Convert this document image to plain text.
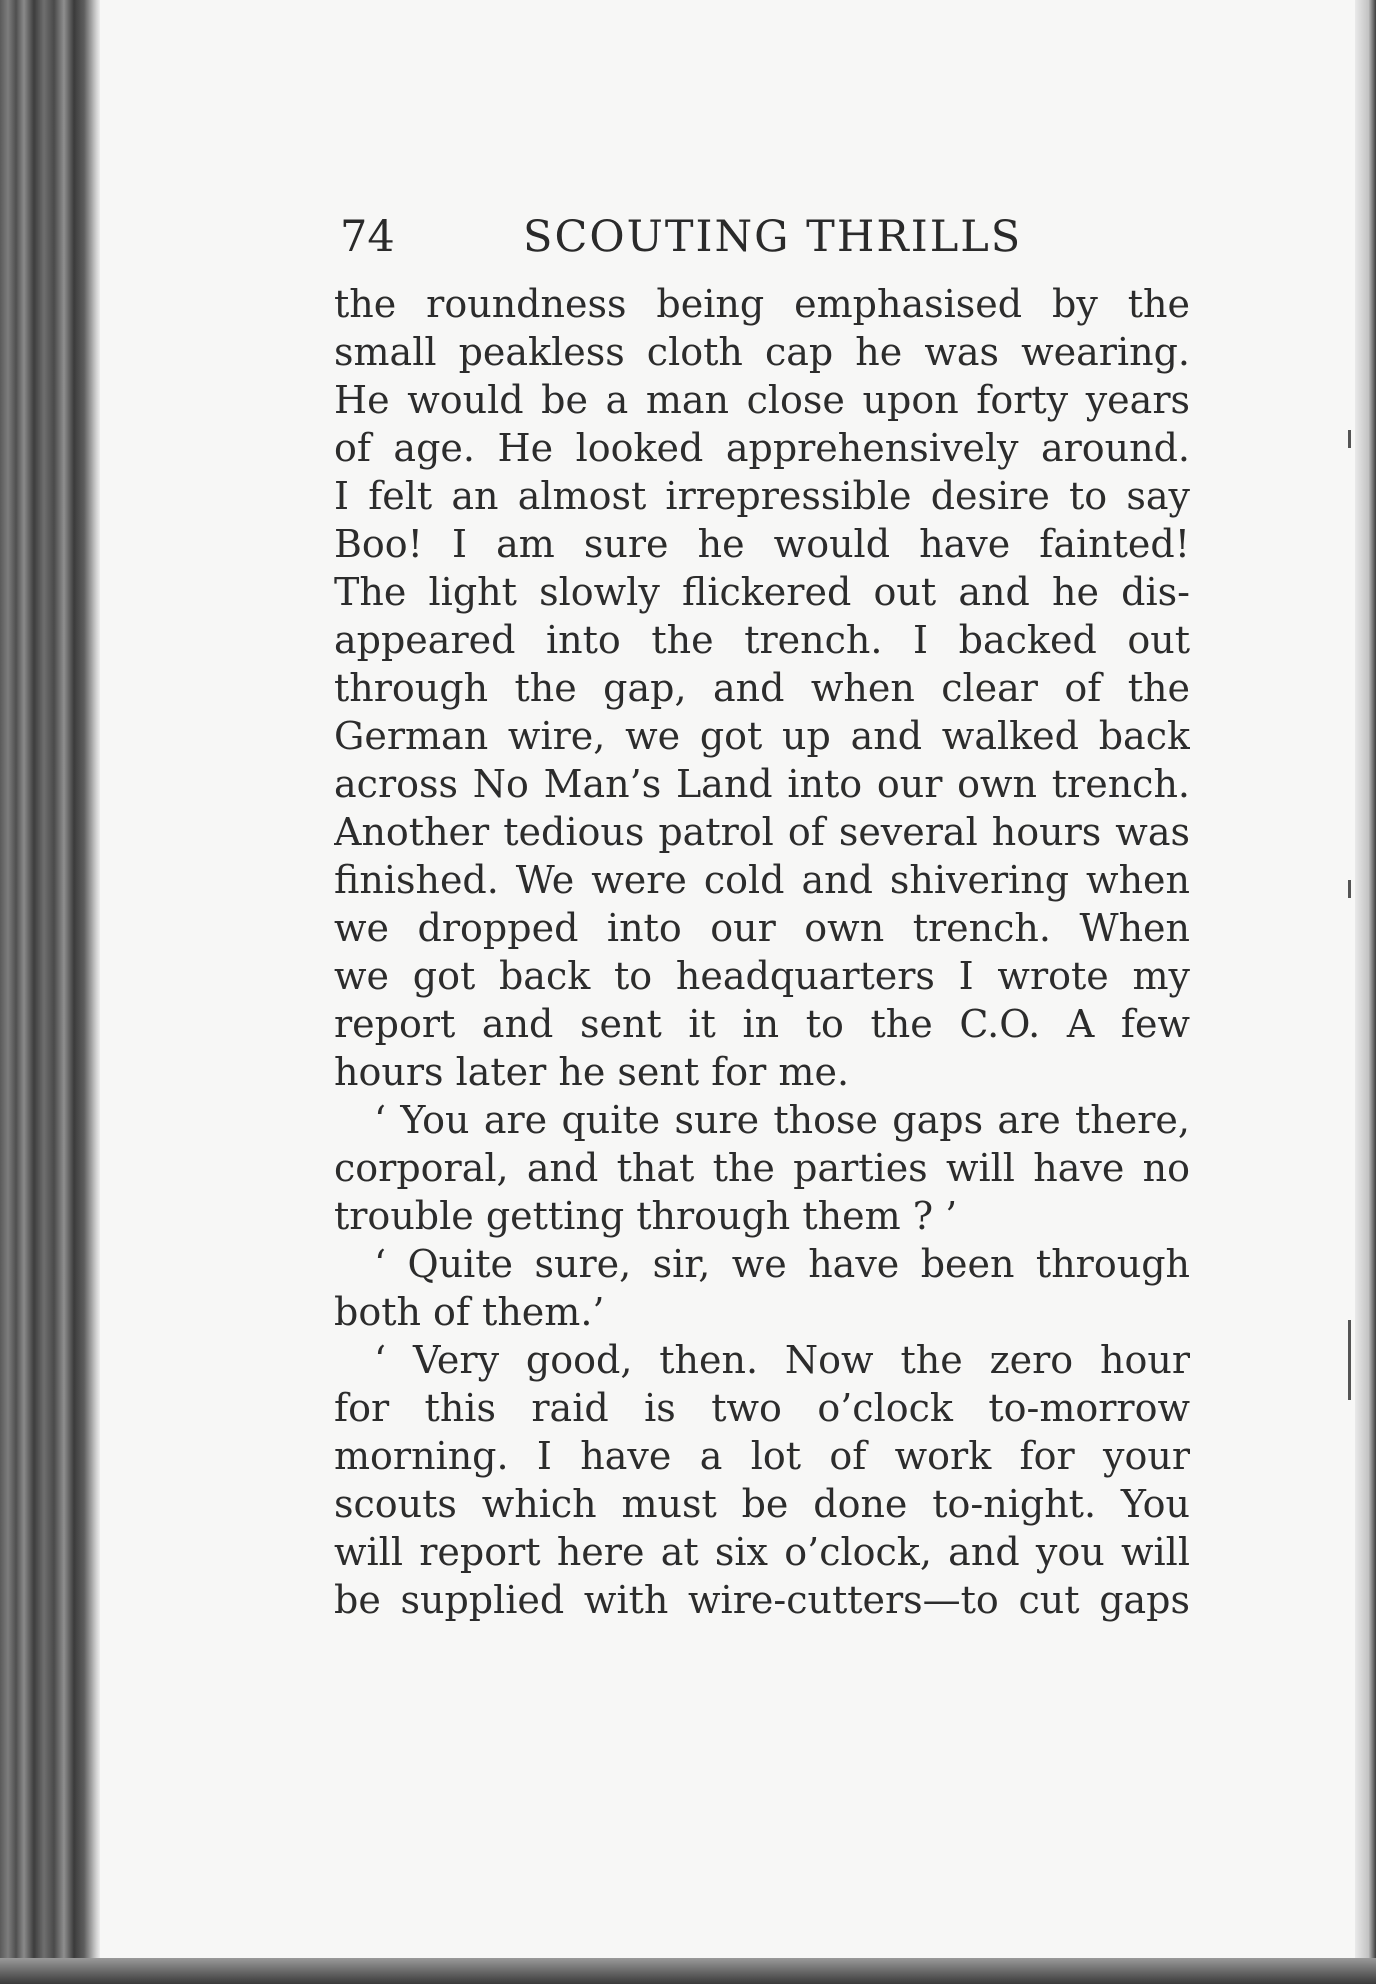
74	SCOUTING THRILLS
the roundness being emphasised by the
small peakless cloth cap he was wearing.
He would be a man close upon forty years
of age. He looked apprehensively around.
I felt an almost irrepressible desire to say
Boo! I am sure he would have fainted!
The light slowly flickered out and he dis-
appeared into the trench. I backed out
through the gap, and when clear of the
German wire, we got up and walked back
across No Man’s Land into our own trench.
Another tedious patrol of several hours was
finished. We were cold and shivering when
we dropped into our own trench. When
we got back to headquarters I wrote my
report and sent it in to the C.O. A few
hours later he sent for me.
‘ You are quite sure those gaps are there,
corporal, and that the parties will have no
trouble getting through them ? ’
‘ Quite sure, sir, we have been through
both of them.’
‘ Very good, then. Now the zero hour
for this raid is two o’clock to-morrow
morning. I have a lot of work for your
scouts which must be done to-night. You
will report here at six o’clock, and you will
be supplied with wire-cutters—to cut gaps
